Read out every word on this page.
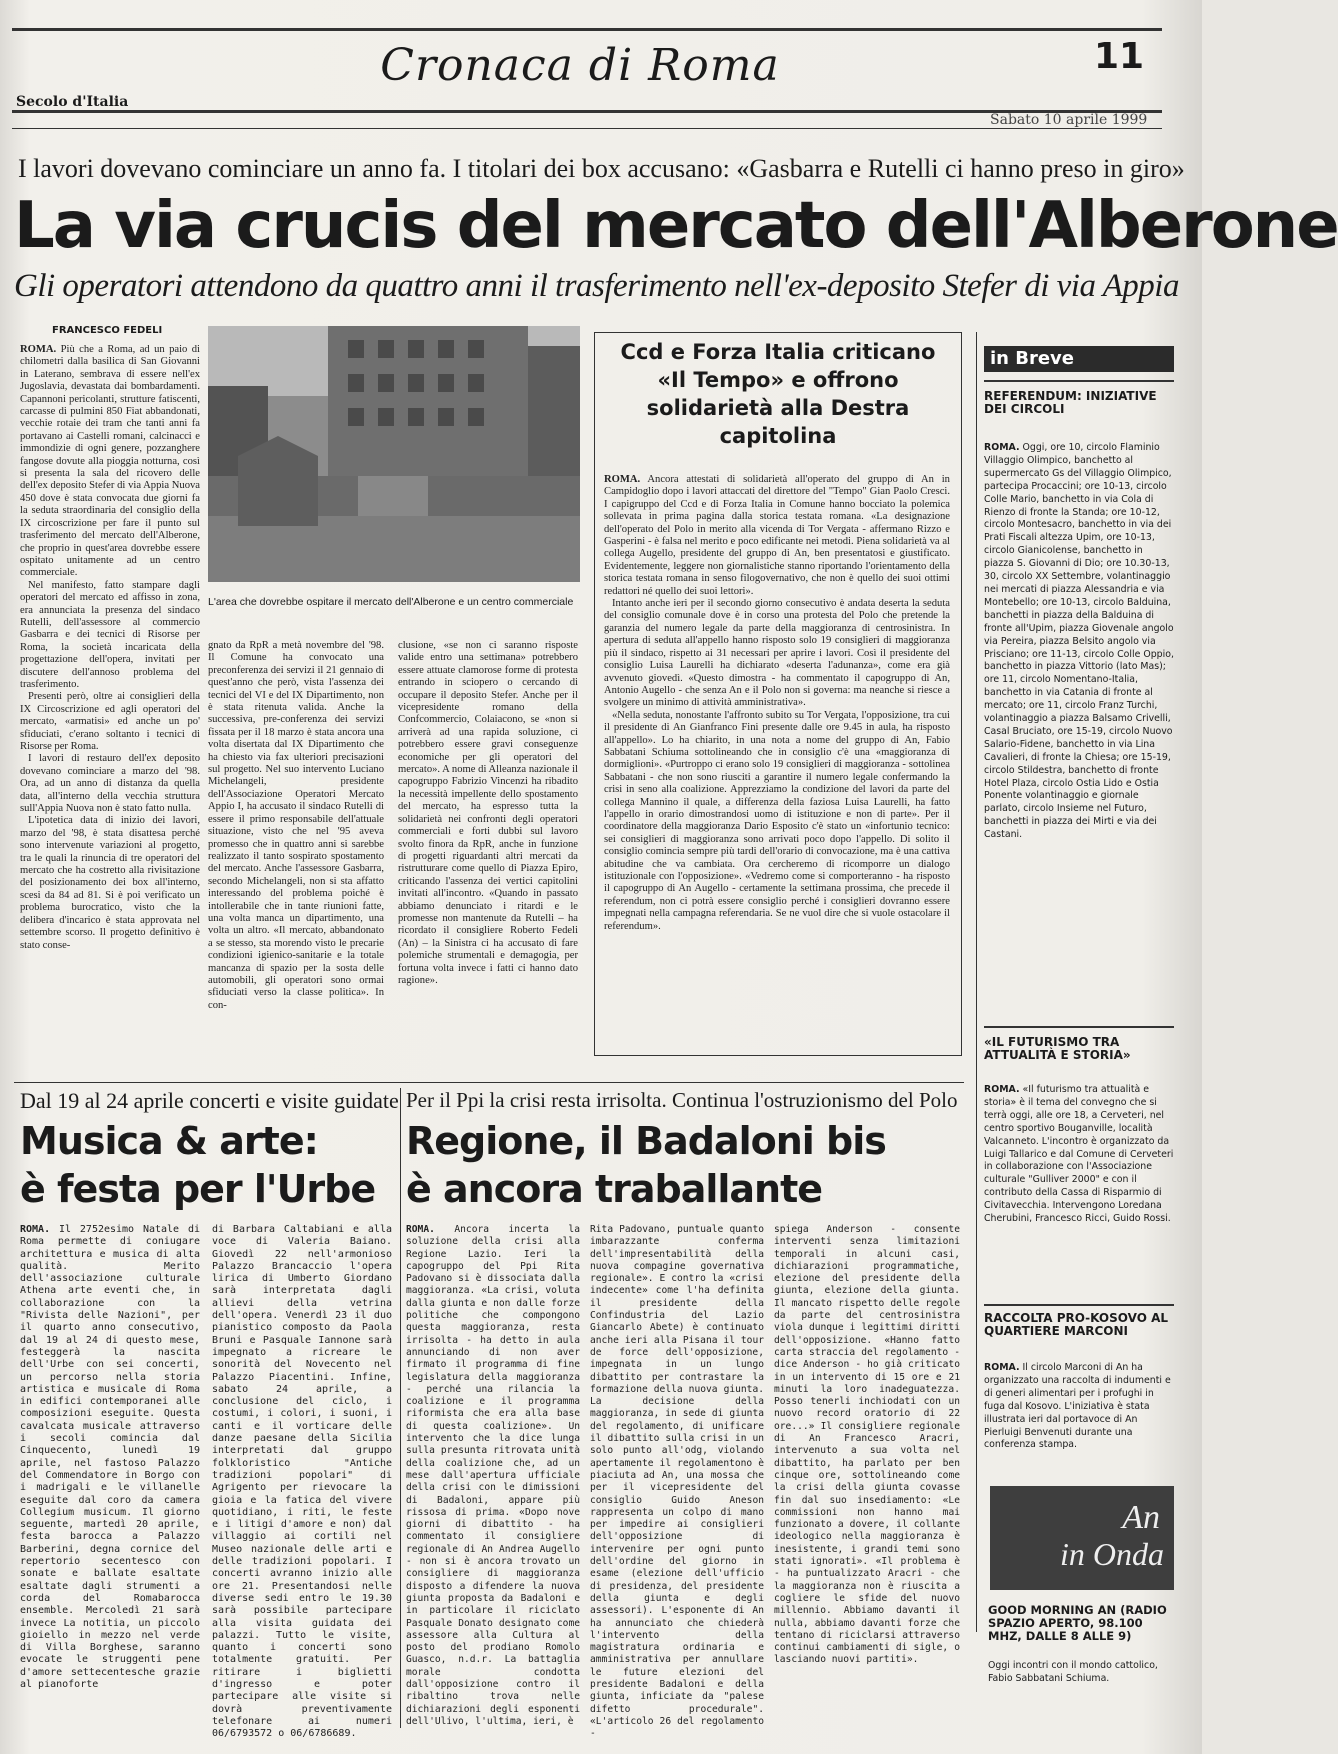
Cronaca di Roma	11
Secolo d'Italia
Sabato 10 aprile 1999
I lavori dovevano cominciare un anno fa. I titolari dei box accusano: «Gasbarra e Rutelli ci hanno preso in giro»
La via crucis del mercato dell'Alberone
Gli operatori attendono da quattro anni il trasferimento nell'ex-deposito Stefer di via Appia
FRANCESCO FEDELI

ROMA. Più che a Roma, ad un paio di chilometri dalla basilica di San Giovanni in Laterano, sembrava di essere nell'ex Jugoslavia, devastata dai bombardamenti. Capannoni pericolanti, strutture fatiscenti, carcasse di pulmini 850 Fiat abbandonati, vecchie rotaie dei tram che tanti anni fa portavano ai Castelli romani, calcinacci e immondizie di ogni genere, pozzanghere fangose dovute alla pioggia notturna, così si presenta la sala del ricovero delle dell'ex deposito Stefer di via Appia Nuova 450 dove è stata convocata due giorni fa la seduta straordinaria del consiglio della IX circoscrizione per fare il punto sul trasferimento del mercato dell'Alberone, che proprio in quest'area dovrebbe essere ospitato unitamente ad un centro commerciale.

Nel manifesto, fatto stampare dagli operatori del mercato ed affisso in zona, era annunciata la presenza del sindaco Rutelli, dell'assessore al commercio Gasbarra e dei tecnici di Risorse per Roma, la società incaricata della progettazione dell'opera, invitati per discutere dell'annoso problema del trasferimento.

Presenti però, oltre ai consiglieri della IX Circoscrizione ed agli operatori del mercato, «armatisi» ed anche un po' sfiduciati, c'erano soltanto i tecnici di Risorse per Roma.

I lavori di restauro dell'ex deposito dovevano cominciare a marzo del '98. Ora, ad un anno di distanza da quella data, all'interno della vecchia struttura sull'Appia Nuova non è stato fatto nulla.

L'ipotetica data di inizio dei lavori, marzo del '98, è stata disattesa perché sono intervenute variazioni al progetto, tra le quali la rinuncia di tre operatori del mercato che ha costretto alla rivisitazione del posizionamento dei box all'interno, scesi da 84 ad 81. Si è poi verificato un problema burocratico, visto che la delibera d'incarico è stata approvata nel settembre scorso. Il progetto definitivo è stato conse-

L'area che dovrebbe ospitare il mercato dell'Alberone e un centro commerciale

gnato da RpR a metà novembre del '98. Il Comune ha convocato una preconferenza dei servizi il 21 gennaio di quest'anno che però, vista l'assenza dei tecnici del VI e del IX Dipartimento, non è stata ritenuta valida. Anche la successiva, pre-conferenza dei servizi fissata per il 18 marzo è stata ancora una volta disertata dal IX Dipartimento che ha chiesto via fax ulteriori precisazioni sul progetto. Nel suo intervento Luciano Michelangeli, presidente dell'Associazione Operatori Mercato Appio I, ha accusato il sindaco Rutelli di essere il primo responsabile dell'attuale situazione, visto che nel '95 aveva promesso che in quattro anni si sarebbe realizzato il tanto sospirato spostamento del mercato. Anche l'assessore Gasbarra, secondo Michelangeli, non si sta affatto interessando del problema poiché è intollerabile che in tante riunioni fatte, una volta manca un dipartimento, una volta un altro. «Il mercato, abbandonato a se stesso, sta morendo visto le precarie condizioni igienico-sanitarie e la totale mancanza di spazio per la sosta delle automobili, gli operatori sono ormai sfiduciati verso la classe politica». In con-

clusione, «se non ci saranno risposte valide entro una settimana» potrebbero essere attuate clamorose forme di protesta entrando in sciopero o cercando di occupare il deposito Stefer. Anche per il vicepresidente romano della Confcommercio, Colaiacono, se «non si arriverà ad una rapida soluzione, ci potrebbero essere gravi conseguenze economiche per gli operatori del mercato». A nome di Alleanza nazionale il capogruppo Fabrizio Vincenzi ha ribadito la necessità impellente dello spostamento del mercato, ha espresso tutta la solidarietà nei confronti degli operatori commerciali e forti dubbi sul lavoro svolto finora da RpR, anche in funzione di progetti riguardanti altri mercati da ristrutturare come quello di Piazza Epiro, criticando l'assenza dei vertici capitolini invitati all'incontro. «Quando in passato abbiamo denunciato i ritardi e le promesse non mantenute da Rutelli – ha ricordato il consigliere Roberto Fedeli (An) – la Sinistra ci ha accusato di fare polemiche strumentali e demagogia, per fortuna volta invece i fatti ci hanno dato ragione».

Ccd e Forza Italia criticano «Il Tempo» e offrono solidarietà alla Destra capitolina

ROMA. Ancora attestati di solidarietà all'operato del gruppo di An in Campidoglio dopo i lavori attaccati del direttore del "Tempo" Gian Paolo Cresci. I capigruppo del Ccd e di Forza Italia in Comune hanno bocciato la polemica sollevata in prima pagina dalla storica testata romana. «La designazione dell'operato del Polo in merito alla vicenda di Tor Vergata - affermano Rizzo e Gasperini - è falsa nel merito e poco edificante nei metodi. Piena solidarietà va al collega Augello, presidente del gruppo di An, ben presentatosi e giustificato. Evidentemente, leggere non giornalistiche stanno riportando l'orientamento della storica testata romana in senso filogovernativo, che non è quello dei suoi ottimi redattori né quello dei suoi lettori».

Intanto anche ieri per il secondo giorno consecutivo è andata deserta la seduta del consiglio comunale dove è in corso una protesta del Polo che pretende la garanzia del numero legale da parte della maggioranza di centrosinistra. In apertura di seduta all'appello hanno risposto solo 19 consiglieri di maggioranza più il sindaco, rispetto ai 31 necessari per aprire i lavori. Così il presidente del consiglio Luisa Laurelli ha dichiarato «deserta l'adunanza», come era già avvenuto giovedì. «Questo dimostra - ha commentato il capogruppo di An, Antonio Augello - che senza An e il Polo non si governa: ma neanche si riesce a svolgere un minimo di attività amministrativa».

«Nella seduta, nonostante l'affronto subito su Tor Vergata, l'opposizione, tra cui il presidente di An Gianfranco Fini presente dalle ore 9.45 in aula, ha risposto all'appello». Lo ha chiarito, in una nota a nome del gruppo di An, Fabio Sabbatani Schiuma sottolineando che in consiglio c'è una «maggioranza di dormiglioni». «Purtroppo ci erano solo 19 consiglieri di maggioranza - sottolinea Sabbatani - che non sono riusciti a garantire il numero legale confermando la crisi in seno alla coalizione. Apprezziamo la condizione del lavori da parte del collega Mannino il quale, a differenza della faziosa Luisa Laurelli, ha fatto l'appello in orario dimostrandosi uomo di istituzione e non di parte». Per il coordinatore della maggioranza Dario Esposito c'è stato un «infortunio tecnico: sei consiglieri di maggioranza sono arrivati poco dopo l'appello. Di solito il consiglio comincia sempre più tardi dell'orario di convocazione, ma è una cattiva abitudine che va cambiata. Ora cercheremo di ricomporre un dialogo istituzionale con l'opposizione». «Vedremo come si comporteranno - ha risposto il capogruppo di An Augello - certamente la settimana prossima, che precede il referendum, non ci potrà essere consiglio perché i consiglieri dovranno essere impegnati nella campagna referendaria. Se ne vuol dire che si vuole ostacolare il referendum».

in Breve
REFERENDUM: INIZIATIVE DEI CIRCOLI
ROMA. Oggi, ore 10, circolo Flaminio Villaggio Olimpico, banchetto al supermercato Gs del Villaggio Olimpico, partecipa Procaccini; ore 10-13, circolo Colle Mario, banchetto in via Cola di Rienzo di fronte la Standa; ore 10-12, circolo Montesacro, banchetto in via dei Prati Fiscali altezza Upim, ore 10-13, circolo Gianicolense, banchetto in piazza S. Giovanni di Dio; ore 10.30-13, 30, circolo XX Settembre, volantinaggio nei mercati di piazza Alessandria e via Montebello; ore 10-13, circolo Balduina, banchetti in piazza della Balduina di fronte all'Upim, piazza Giovenale angolo via Pereira, piazza Belsito angolo via Prisciano; ore 11-13, circolo Colle Oppio, banchetto in piazza Vittorio (lato Mas); ore 11, circolo Nomentano-Italia, banchetto in via Catania di fronte al mercato; ore 11, circolo Franz Turchi, volantinaggio a piazza Balsamo Crivelli, Casal Bruciato, ore 15-19, circolo Nuovo Salario-Fidene, banchetto in via Lina Cavalieri, di fronte la Chiesa; ore 15-19, circolo Stildestra, banchetto di fronte Hotel Plaza, circolo Ostia Lido e Ostia Ponente volantinaggio e giornale parlato, circolo Insieme nel Futuro, banchetti in piazza dei Mirti e via dei Castani.
«IL FUTURISMO TRA ATTUALITÀ E STORIA»
ROMA. «Il futurismo tra attualità e storia» è il tema del convegno che si terrà oggi, alle ore 18, a Cerveteri, nel centro sportivo Bouganville, località Valcanneto. L'incontro è organizzato da Luigi Tallarico e dal Comune di Cerveteri in collaborazione con l'Associazione culturale "Gulliver 2000" e con il contributo della Cassa di Risparmio di Civitavecchia. Intervengono Loredana Cherubini, Francesco Ricci, Guido Rossi.
RACCOLTA PRO-KOSOVO AL QUARTIERE MARCONI
ROMA. Il circolo Marconi di An ha organizzato una raccolta di indumenti e di generi alimentari per i profughi in fuga dal Kosovo. L'iniziativa è stata illustrata ieri dal portavoce di An Pierluigi Benvenuti durante una conferenza stampa.
An
in Onda
GOOD MORNING AN (RADIO SPAZIO APERTO, 98.100 MHZ, DALLE 8 ALLE 9)
Oggi incontri con il mondo cattolico, Fabio Sabbatani Schiuma.
Dal 19 al 24 aprile concerti e visite guidate
Musica & arte:
è festa per l'Urbe
ROMA. Il 2752esimo Natale di Roma permette di coniugare architettura e musica di alta qualità. Merito dell'associazione culturale Athena arte eventi che, in collaborazione con la "Rivista delle Nazioni", per il quarto anno consecutivo, dal 19 al 24 di questo mese, festeggerà la nascita dell'Urbe con sei concerti, un percorso nella storia artistica e musicale di Roma in edifici contemporanei alle composizioni eseguite. Questa cavalcata musicale attraverso i secoli comincia dal Cinquecento, lunedì 19 aprile, nel fastoso Palazzo del Commendatore in Borgo con i madrigali e le villanelle eseguite dal coro da camera Collegium musicum. Il giorno seguente, martedì 20 aprile, festa barocca a Palazzo Barberini, degna cornice del repertorio secentesco con sonate e ballate esaltate esaltate dagli strumenti a corda del Romabarocca ensemble. Mercoledì 21 sarà invece La notitia, un piccolo gioiello in mezzo nel verde di Villa Borghese, saranno evocate le struggenti pene d'amore settecentesche grazie al pianoforte
di Barbara Caltabiani e alla voce di Valeria Baiano. Giovedì 22 nell'armonioso Palazzo Brancaccio l'opera lirica di Umberto Giordano sarà interpretata dagli allievi della vetrina dell'opera. Venerdì 23 il duo pianistico composto da Paola Bruni e Pasquale Iannone sarà impegnato a ricreare le sonorità del Novecento nel Palazzo Piacentini. Infine, sabato 24 aprile, a conclusione del ciclo, i costumi, i colori, i suoni, i canti e il vorticare delle danze paesane della Sicilia interpretati dal gruppo folkloristico "Antiche tradizioni popolari" di Agrigento per rievocare la gioia e la fatica del vivere quotidiano, i riti, le feste e i litigi d'amore e non) dal villaggio ai cortili nel Museo nazionale delle arti e delle tradizioni popolari. I concerti avranno inizio alle ore 21. Presentandosi nelle diverse sedi entro le 19.30 sarà possibile partecipare alla visita guidata dei palazzi. Tutto le visite, quanto i concerti sono totalmente gratuiti. Per ritirare i biglietti d'ingresso e poter partecipare alle visite si dovrà preventivamente telefonare ai numeri 06/6793572 o 06/6786689.
Per il Ppi la crisi resta irrisolta. Continua l'ostruzionismo del Polo
Regione, il Badaloni bis
è ancora traballante
ROMA. Ancora incerta la soluzione della crisi alla Regione Lazio. Ieri la capogruppo del Ppi Rita Padovano si è dissociata dalla maggioranza. «La crisi, voluta dalla giunta e non dalle forze politiche che compongono questa maggioranza, resta irrisolta - ha detto in aula annunciando di non aver firmato il programma di fine legislatura della maggioranza - perché una rilancia la coalizione e il programma riformista che era alla base di questa coalizione». Un intervento che la dice lunga sulla presunta ritrovata unità della coalizione che, ad un mese dall'apertura ufficiale della crisi con le dimissioni di Badaloni, appare più rissosa di prima. «Dopo nove giorni di dibattito - ha commentato il consigliere regionale di An Andrea Augello - non si è ancora trovato un consigliere di maggioranza disposto a difendere la nuova giunta proposta da Badaloni e in particolare il riciclato Pasquale Donato designato come assessore alla Cultura al posto del prodiano Romolo Guasco, n.d.r. La battaglia morale condotta dall'opposizione contro il ribaltino trova nelle dichiarazioni degli esponenti dell'Ulivo, l'ultima, ieri, è
Rita Padovano, puntuale quanto imbarazzante conferma dell'impresentabilità della nuova compagine governativa regionale». E contro la «crisi indecente» come l'ha definita il presidente della Confindustria del Lazio Giancarlo Abete) è continuato anche ieri alla Pisana il tour de force dell'opposizione, impegnata in un lungo dibattito per contrastare la formazione della nuova giunta. La decisione della maggioranza, in sede di giunta del regolamento, di unificare il dibattito sulla crisi in un solo punto all'odg, violando apertamente il regolamentono è piaciuta ad An, una mossa che per il vicepresidente del consiglio Guido Aneson rappresenta un colpo di mano per impedire ai consiglieri dell'opposizione di intervenire per ogni punto dell'ordine del giorno in esame (elezione dell'ufficio di presidenza, del presidente della giunta e degli assessori). L'esponente di An ha annunciato che chiederà l'intervento della magistratura ordinaria e amministrativa per annullare le future elezioni del presidente Badaloni e della giunta, inficiate da "palese difetto procedurale". «L'articolo 26 del regolamento -
spiega Anderson - consente interventi senza limitazioni temporali in alcuni casi, dichiarazioni programmatiche, elezione del presidente della giunta, elezione della giunta. Il mancato rispetto delle regole da parte del centrosinistra viola dunque i legittimi diritti dell'opposizione. «Hanno fatto carta straccia del regolamento - dice Anderson - ho già criticato in un intervento di 15 ore e 21 minuti la loro inadeguatezza. Posso tenerli inchiodati con un nuovo record oratorio di 22 ore...» Il consigliere regionale di An Francesco Aracri, intervenuto a sua volta nel dibattito, ha parlato per ben cinque ore, sottolineando come la crisi della giunta covasse fin dal suo insediamento: «Le commissioni non hanno mai funzionato a dovere, il collante ideologico nella maggioranza è inesistente, i grandi temi sono stati ignorati». «Il problema è - ha puntualizzato Aracri - che la maggioranza non è riuscita a cogliere le sfide del nuovo millennio. Abbiamo davanti il nulla, abbiamo davanti forze che tentano di riciclarsi attraverso continui cambiamenti di sigle, o lasciando nuovi partiti».
